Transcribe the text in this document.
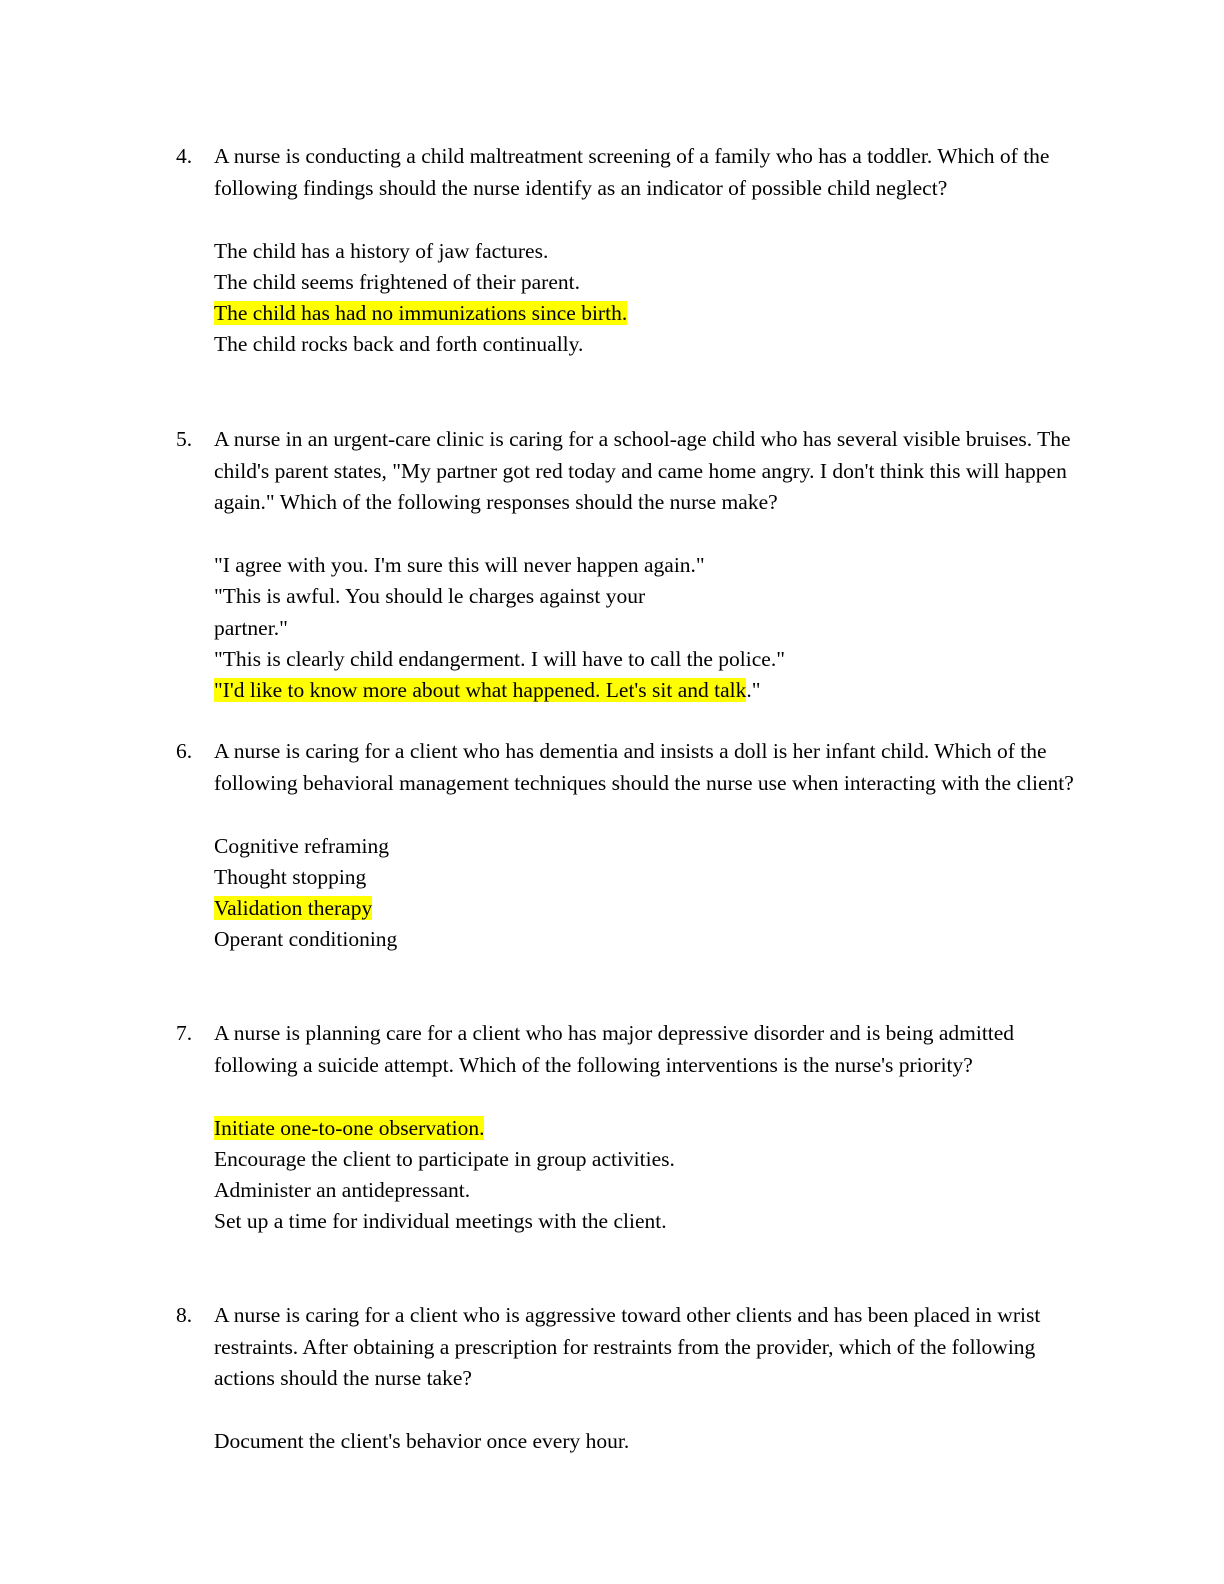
4.	A nurse is conducting a child maltreatment screening of a family who has a toddler. Which of the following findings should the nurse identify as an indicator of possible child neglect?
The child has a history of jaw factures.
The child seems frightened of their parent.
The child has had no immunizations since birth.
The child rocks back and forth continually.
5.	A nurse in an urgent-care clinic is caring for a school-age child who has several visible bruises. The child's parent states, "My partner got red today and came home angry. I don't think this will happen again." Which of the following responses should the nurse make?
"I agree with you. I'm sure this will never happen again."
"This is awful. You should le charges against your partner."
"This is clearly child endangerment. I will have to call the police."
"I'd like to know more about what happened. Let's sit and talk."
6.	A nurse is caring for a client who has dementia and insists a doll is her infant child. Which of the following behavioral management techniques should the nurse use when interacting with the client?
Cognitive reframing
Thought stopping
Validation therapy
Operant conditioning
7.	A nurse is planning care for a client who has major depressive disorder and is being admitted following a suicide attempt. Which of the following interventions is the nurse's priority?
Initiate one-to-one observation.
Encourage the client to participate in group activities.
Administer an antidepressant.
Set up a time for individual meetings with the client.
8.	A nurse is caring for a client who is aggressive toward other clients and has been placed in wrist restraints. After obtaining a prescription for restraints from the provider, which of the following actions should the nurse take?
Document the client's behavior once every hour.
